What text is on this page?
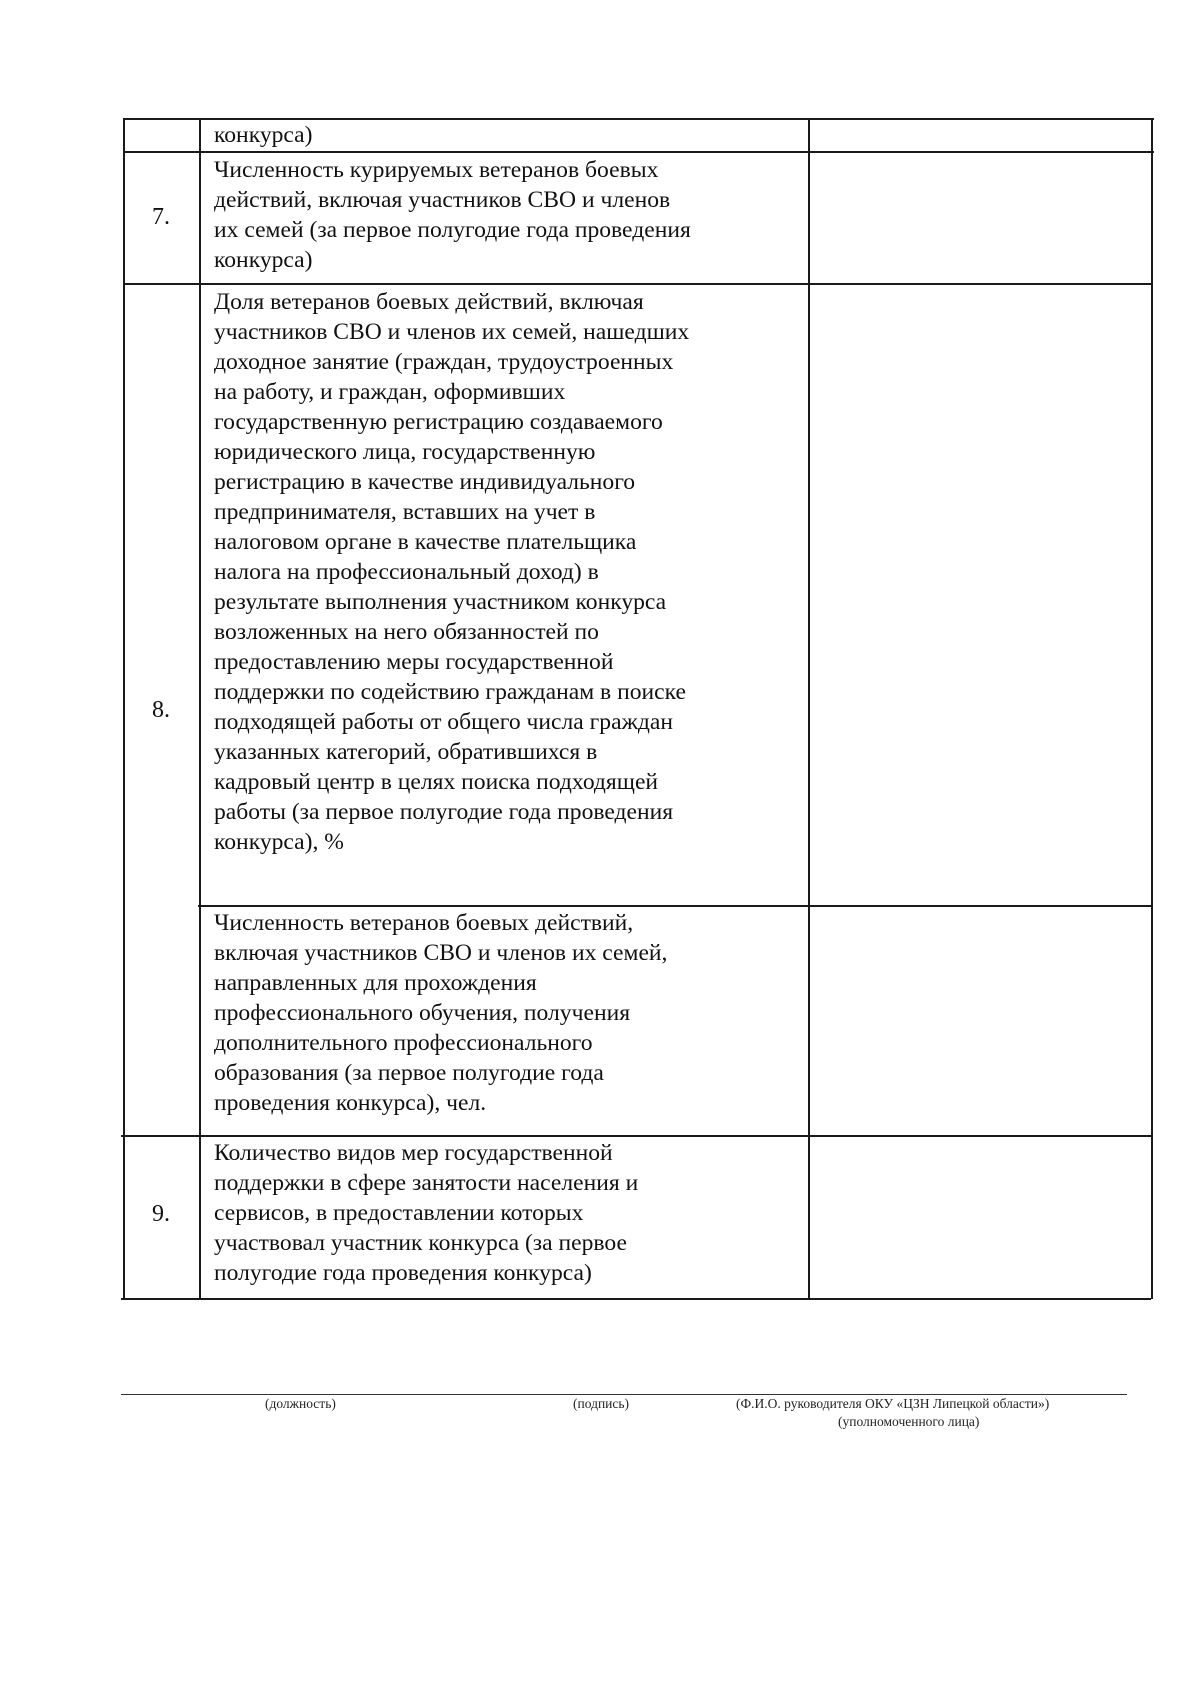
конкурса)
7.
Численность курируемых ветеранов боевых
действий, включая участников СВО и членов
их семей (за первое полугодие года проведения
конкурса)
8.
Доля ветеранов боевых действий, включая
участников СВО и членов их семей, нашедших
доходное занятие (граждан, трудоустроенных
на работу, и граждан, оформивших
государственную регистрацию создаваемого
юридического лица, государственную
регистрацию в качестве индивидуального
предпринимателя, вставших на учет в
налоговом органе в качестве плательщика
налога на профессиональный доход) в
результате выполнения участником конкурса
возложенных на него обязанностей по
предоставлению меры государственной
поддержки по содействию гражданам в поиске
подходящей работы от общего числа граждан
указанных категорий, обратившихся в
кадровый центр в целях поиска подходящей
работы (за первое полугодие года проведения
конкурса), %
Численность ветеранов боевых действий,
включая участников СВО и членов их семей,
направленных для прохождения
профессионального обучения, получения
дополнительного профессионального
образования (за первое полугодие года
проведения конкурса), чел.
9.
Количество видов мер государственной
поддержки в сфере занятости населения и
сервисов, в предоставлении которых
участвовал участник конкурса (за первое
полугодие года проведения конкурса)
(должность)	(подпись)	(Ф.И.О. руководителя ОКУ «ЦЗН Липецкой области»)
(уполномоченного лица)
